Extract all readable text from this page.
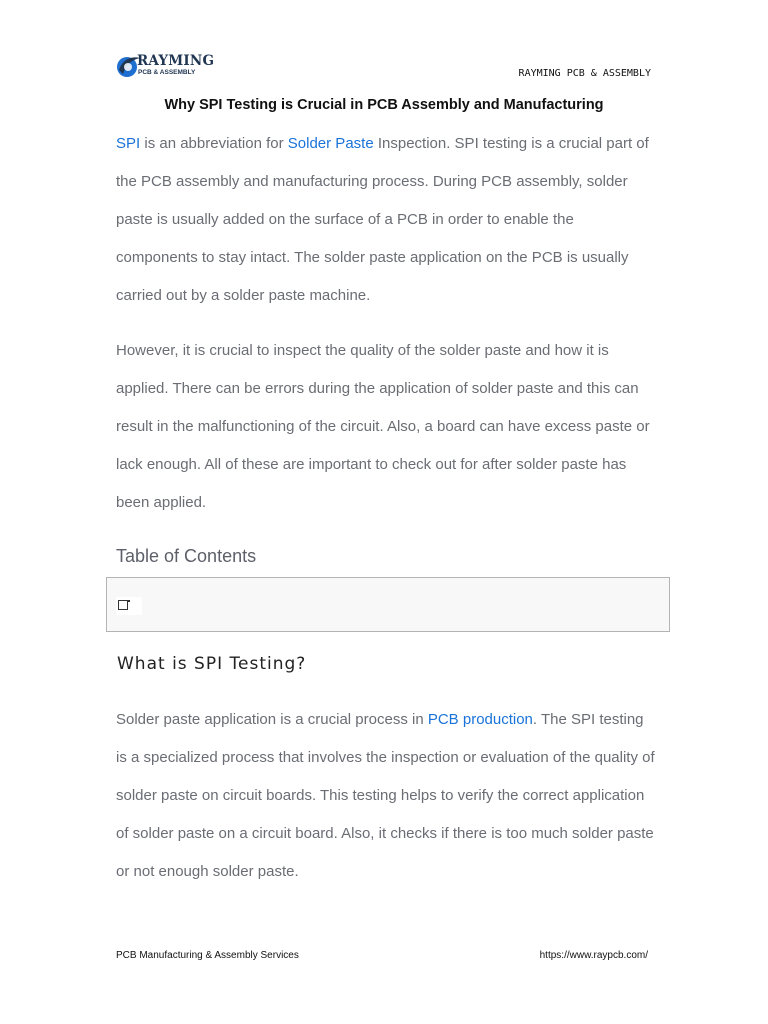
RAYMING
PCB & ASSEMBLY	RAYMING PCB & ASSEMBLY
Why SPI Testing is Crucial in PCB Assembly and Manufacturing

SPI is an abbreviation for Solder Paste Inspection. SPI testing is a crucial part of the PCB assembly and manufacturing process. During PCB assembly, solder paste is usually added on the surface of a PCB in order to enable the components to stay intact. The solder paste application on the PCB is usually carried out by a solder paste machine.

However, it is crucial to inspect the quality of the solder paste and how it is applied. There can be errors during the application of solder paste and this can result in the malfunctioning of the circuit. Also, a board can have excess paste or lack enough. All of these are important to check out for after solder paste has been applied.

Table of Contents
What is SPI Testing?

Solder paste application is a crucial process in PCB production. The SPI testing is a specialized process that involves the inspection or evaluation of the quality of solder paste on circuit boards. This testing helps to verify the correct application of solder paste on a circuit board. Also, it checks if there is too much solder paste or not enough solder paste.

PCB Manufacturing & Assembly Services	https://www.raypcb.com/
